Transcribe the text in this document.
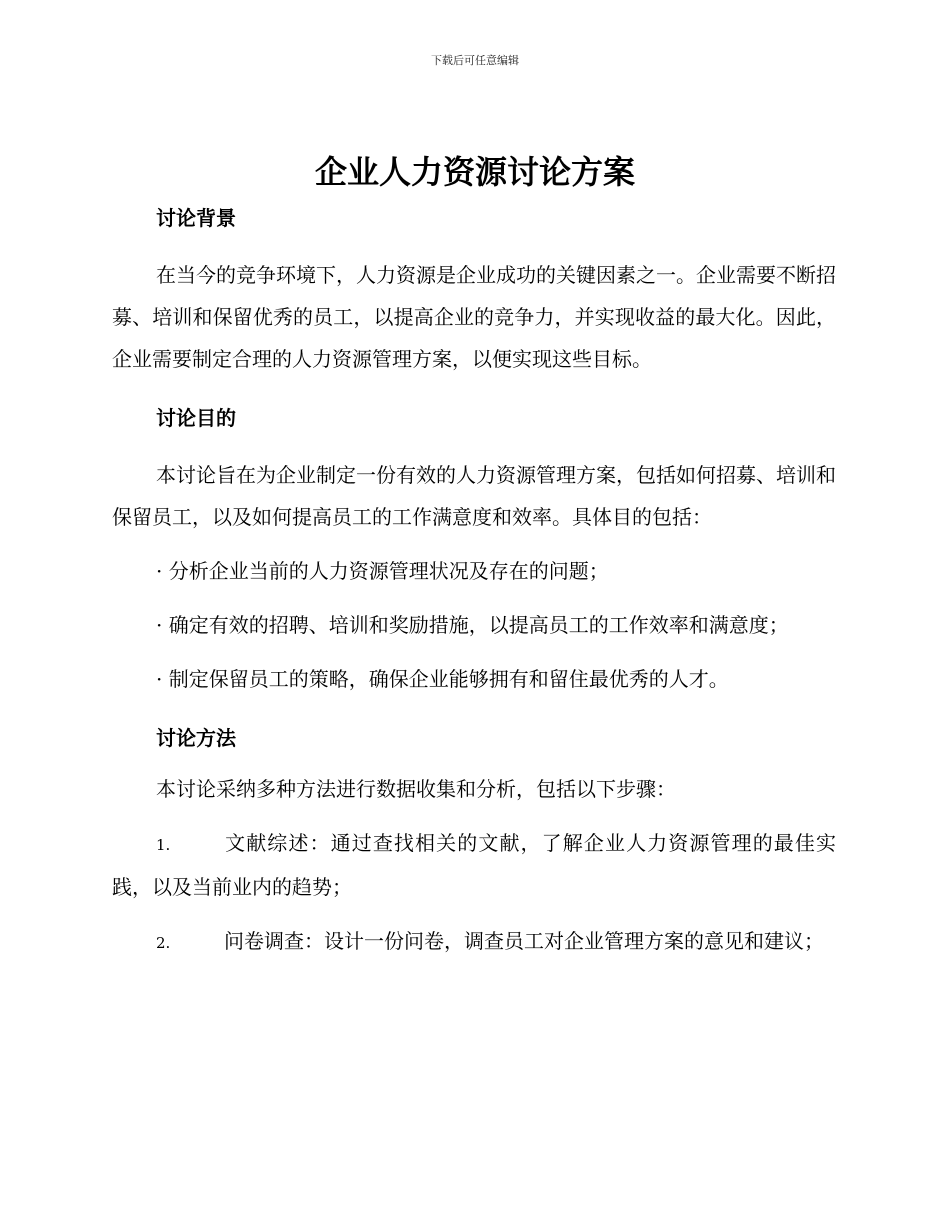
下载后可任意编辑
企业人力资源讨论方案
讨论背景

在当今的竞争环境下，人力资源是企业成功的关键因素之一。企业需要不断招募、培训和保留优秀的员工，以提高企业的竞争力，并实现收益的最大化。因此，企业需要制定合理的人力资源管理方案，以便实现这些目标。

讨论目的

本讨论旨在为企业制定一份有效的人力资源管理方案，包括如何招募、培训和保留员工，以及如何提高员工的工作满意度和效率。具体目的包括：

· 分析企业当前的人力资源管理状况及存在的问题；

· 确定有效的招聘、培训和奖励措施，以提高员工的工作效率和满意度；

· 制定保留员工的策略，确保企业能够拥有和留住最优秀的人才。

讨论方法

本讨论采纳多种方法进行数据收集和分析，包括以下步骤：

1.	文献综述：通过查找相关的文献，了解企业人力资源管理的最佳实践，以及当前业内的趋势；

2.	问卷调查：设计一份问卷，调查员工对企业管理方案的意见和建议；
